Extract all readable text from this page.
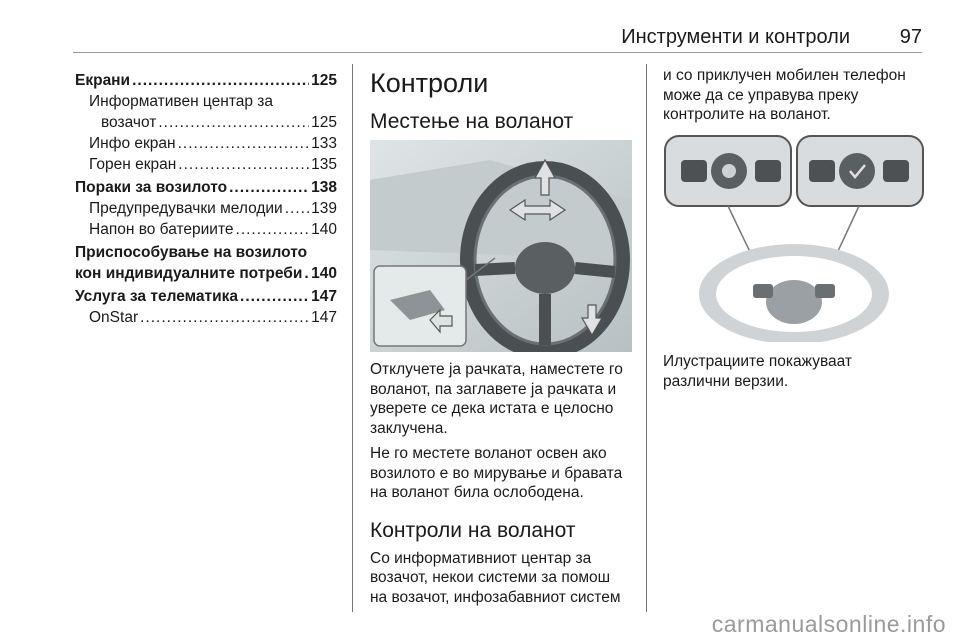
Инструменти и контроли 97
Екрани .....	125
Информативен центар за
возачот .....	125
Инфо екран .....	133
Горен екран .....	135
Пораки за возилото .....	138
Предупредувачки мелодии ..... 139
Напон во батериите .....	140
Приспособување на возилото
кон индивидуалните потреби ..... 140
Услуга за телематика .....	147
OnStar .....	147
Контроли
Местење на воланот
Отклучете ја рачката, наместете го
воланот, па заглавете ја рачката и
уверете се дека истата е целосно
заклучена.
Не го местете воланот освен ако
возилото е во мирување и бравата
на воланот била ослободена.
Контроли на воланот
Со информативниот центар за
возачот, некои системи за помош
на возачот, инфозабавниот систем
и со приклучен мобилен телефон
може да се управува преку
контролите на воланот.
Илустрациите покажуваат
различни верзии.
carmanualsonline.info
